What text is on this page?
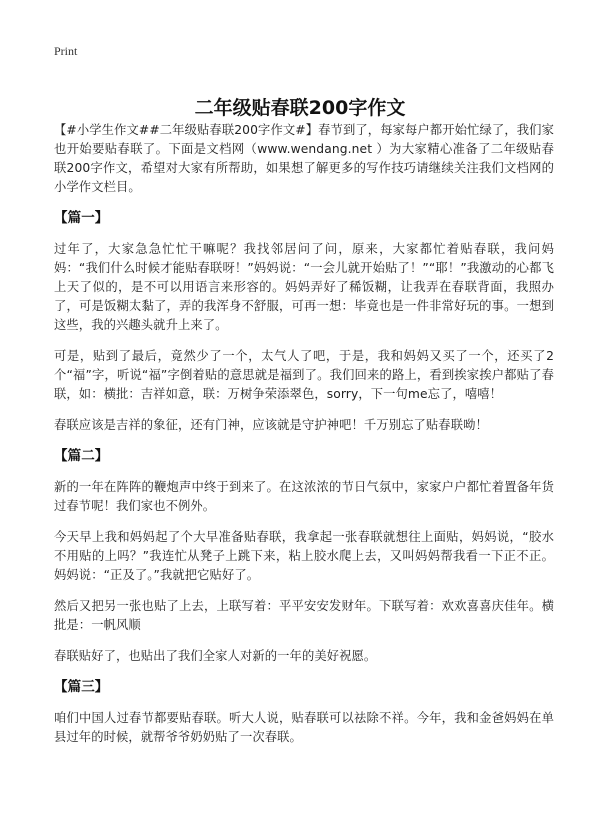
Print
二年级贴春联200字作文

【#小学生作文##二年级贴春联200字作文#】春节到了，每家每户都开始忙绿了，我们家也开始要贴春联了。下面是文档网（www.wendang.net ）为大家精心准备了二年级贴春联200字作文，希望对大家有所帮助，如果想了解更多的写作技巧请继续关注我们文档网的小学作文栏目。

【篇一】

过年了，大家急急忙忙干嘛呢？我找邻居问了问，原来，大家都忙着贴春联，我问妈妈：“我们什么时候才能贴春联呀！”妈妈说：“一会儿就开始贴了！”“耶！”我激动的心都飞上天了似的，是不可以用语言来形容的。妈妈弄好了稀饭糊，让我弄在春联背面，我照办了，可是饭糊太黏了，弄的我浑身不舒服，可再一想：毕竟也是一件非常好玩的事。一想到这些，我的兴趣头就升上来了。

可是，贴到了最后，竟然少了一个，太气人了吧，于是，我和妈妈又买了一个，还买了2个“福”字，听说“福”字倒着贴的意思就是福到了。我们回来的路上，看到挨家挨户都贴了春联，如：横批：吉祥如意，联：万树争荣添翠色，sorry，下一句me忘了，嘻嘻！

春联应该是吉祥的象征，还有门神，应该就是守护神吧！千万别忘了贴春联呦！

【篇二】

新的一年在阵阵的鞭炮声中终于到来了。在这浓浓的节日气氛中，家家户户都忙着置备年货过春节呢！我们家也不例外。

今天早上我和妈妈起了个大早准备贴春联，我拿起一张春联就想往上面贴，妈妈说，“胶水不用贴的上吗？”我连忙从凳子上跳下来，粘上胶水爬上去，又叫妈妈帮我看一下正不正。妈妈说：“正及了。”我就把它贴好了。

然后又把另一张也贴了上去，上联写着：平平安安发财年。下联写着：欢欢喜喜庆佳年。横批是：一帆风顺

春联贴好了，也贴出了我们全家人对新的一年的美好祝愿。

【篇三】

咱们中国人过春节都要贴春联。听大人说，贴春联可以祛除不祥。今年，我和金爸妈妈在单县过年的时候，就帮爷爷奶奶贴了一次春联。
